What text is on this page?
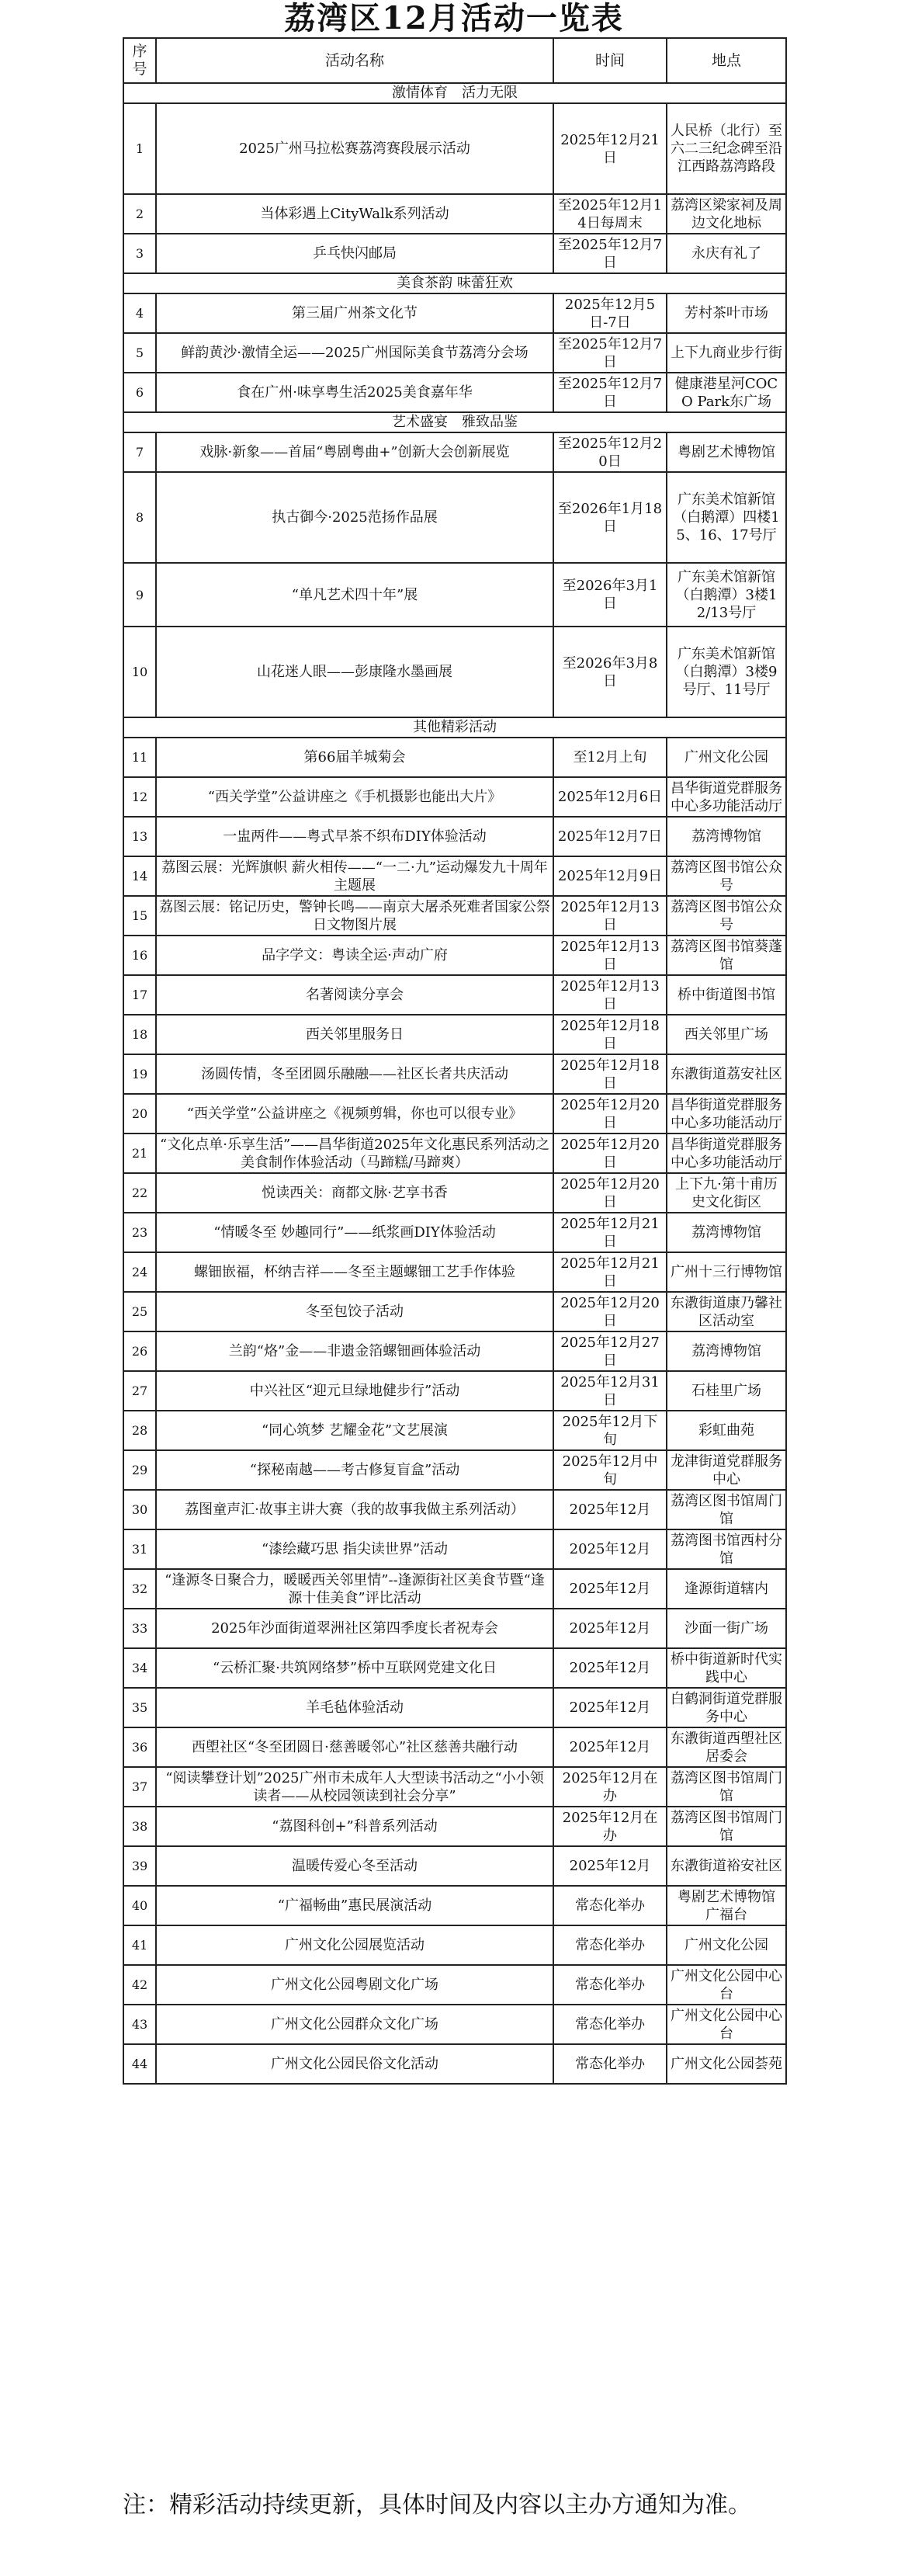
荔湾区12月活动一览表
序号	活动名称	时间	地点
激情体育　活力无限			
1	2025广州马拉松赛荔湾赛段展示活动	2025年12月21日	人民桥（北行）至六二三纪念碑至沿江西路荔湾路段
2	当体彩遇上CityWalk系列活动	至2025年12月14日每周末	荔湾区梁家祠及周边文化地标
3	乒乓快闪邮局	至2025年12月7日	永庆有礼了
美食茶韵 味蕾狂欢			
4	第三届广州茶文化节	2025年12月5日-7日	芳村茶叶市场
5	鲜韵黄沙·激情全运——2025广州国际美食节荔湾分会场	至2025年12月7日	上下九商业步行街
6	食在广州·味享粤生活2025美食嘉年华	至2025年12月7日	健康港星河COCO Park东广场
艺术盛宴　雅致品鉴			
7	戏脉·新象——首届“粤剧粤曲+”创新大会创新展览	至2025年12月20日	粤剧艺术博物馆
8	执古御今·2025范扬作品展	至2026年1月18日	广东美术馆新馆（白鹅潭）四楼15、16、17号厅
9	“单凡艺术四十年”展	至2026年3月1日	广东美术馆新馆（白鹅潭）3楼12/13号厅
10	山花迷人眼——彭康隆水墨画展	至2026年3月8日	广东美术馆新馆（白鹅潭）3楼9号厅、11号厅
其他精彩活动			
11	第66届羊城菊会	至12月上旬	广州文化公园
12	“西关学堂”公益讲座之《手机摄影也能出大片》	2025年12月6日	昌华街道党群服务中心多功能活动厅
13	一盅两件——粤式早茶不织布DIY体验活动	2025年12月7日	荔湾博物馆
14	荔图云展：光辉旗帜 薪火相传——“一二·九”运动爆发九十周年主题展	2025年12月9日	荔湾区图书馆公众号
15	荔图云展：铭记历史，警钟长鸣——南京大屠杀死难者国家公祭日文物图片展	2025年12月13日	荔湾区图书馆公众号
16	品字学文：粤读全运·声动广府	2025年12月13日	荔湾区图书馆葵蓬馆
17	名著阅读分享会	2025年12月13日	桥中街道图书馆
18	西关邻里服务日	2025年12月18日	西关邻里广场
19	汤圆传情，冬至团圆乐融融——社区长者共庆活动	2025年12月18日	东漖街道荔安社区
20	“西关学堂”公益讲座之《视频剪辑，你也可以很专业》	2025年12月20日	昌华街道党群服务中心多功能活动厅
21	“文化点单·乐享生活”——昌华街道2025年文化惠民系列活动之美食制作体验活动（马蹄糕/马蹄爽）	2025年12月20日	昌华街道党群服务中心多功能活动厅
22	悦读西关：商都文脉·艺享书香	2025年12月20日	上下九·第十甫历史文化街区
23	“情暖冬至 妙趣同行”——纸浆画DIY体验活动	2025年12月21日	荔湾博物馆
24	螺钿嵌福，杯纳吉祥——冬至主题螺钿工艺手作体验	2025年12月21日	广州十三行博物馆
25	冬至包饺子活动	2025年12月20日	东漖街道康乃馨社区活动室
26	兰韵“烙”金——非遗金箔螺钿画体验活动	2025年12月27日	荔湾博物馆
27	中兴社区“迎元旦绿地健步行”活动	2025年12月31日	石桂里广场
28	“同心筑梦 艺耀金花”文艺展演	2025年12月下旬	彩虹曲苑
29	“探秘南越——考古修复盲盒”活动	2025年12月中旬	龙津街道党群服务中心
30	荔图童声汇·故事主讲大赛（我的故事我做主系列活动）	2025年12月	荔湾区图书馆周门馆
31	“漆绘藏巧思 指尖读世界”活动	2025年12月	荔湾图书馆西村分馆
32	“逢源冬日聚合力，暖暖西关邻里情”--逢源街社区美食节暨“逢源十佳美食”评比活动	2025年12月	逢源街道辖内
33	2025年沙面街道翠洲社区第四季度长者祝寿会	2025年12月	沙面一街广场
34	“云桥汇聚·共筑网络梦”桥中互联网党建文化日	2025年12月	桥中街道新时代实践中心
35	羊毛毡体验活动	2025年12月	白鹤洞街道党群服务中心
36	西塱社区“冬至团圆日·慈善暖邻心”社区慈善共融行动	2025年12月	东漖街道西塱社区居委会
37	“阅读攀登计划”2025广州市未成年人大型读书活动之“小小领读者——从校园领读到社会分享”	2025年12月在办	荔湾区图书馆周门馆
38	“荔图科创+”科普系列活动	2025年12月在办	荔湾区图书馆周门馆
39	温暖传爱心冬至活动	2025年12月	东漖街道裕安社区
40	“广福畅曲”惠民展演活动	常态化举办	粤剧艺术博物馆 广福台
41	广州文化公园展览活动	常态化举办	广州文化公园
42	广州文化公园粤剧文化广场	常态化举办	广州文化公园中心台
43	广州文化公园群众文化广场	常态化举办	广州文化公园中心台
44	广州文化公园民俗文化活动	常态化举办	广州文化公园荟苑
注：精彩活动持续更新，具体时间及内容以主办方通知为准。
